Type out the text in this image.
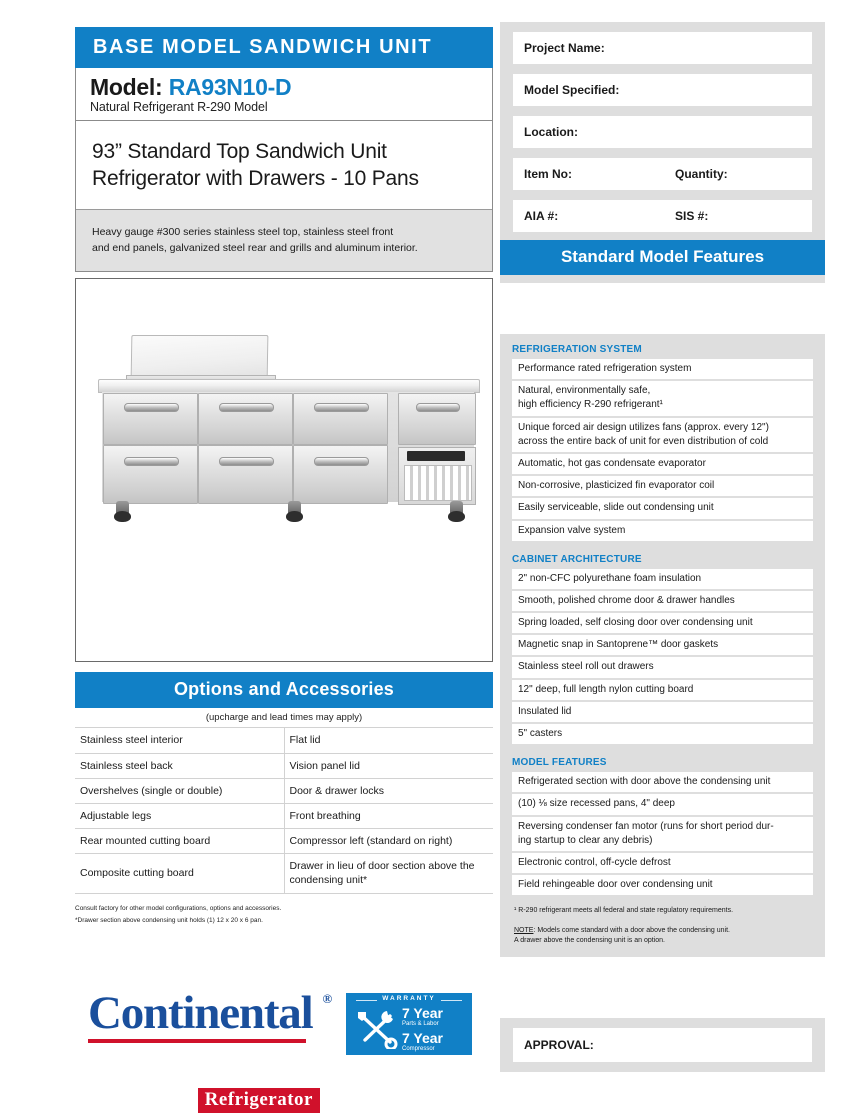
BASE MODEL SANDWICH UNIT
Model: RA93N10-D
Natural Refrigerant R-290 Model
93” Standard Top Sandwich Unit
Refrigerator with Drawers - 10 Pans
Heavy gauge #300 series stainless steel top, stainless steel front
and end panels, galvanized steel rear and grills and aluminum interior.
Options and Accessories
(upcharge and lead times may apply)
Stainless steel interior	Flat lid
Stainless steel back	Vision panel lid
Overshelves (single or double)	Door & drawer locks
Adjustable legs	Front breathing
Rear mounted cutting board	Compressor left (standard on right)
Composite cutting board	Drawer in lieu of door section above the condensing unit*
Consult factory for other model configurations, options and accessories.
*Drawer section above condensing unit holds (1) 12 x 20 x 6 pan.
Continental ®
Refrigerator
WARRANTY
7 Year
Parts & Labor
7 Year
Compressor
Project Name:
Model Specified:
Location:
Item No:	Quantity:
AIA #:	SIS #:
Standard Model Features
REFRIGERATION SYSTEM
Performance rated refrigeration system
Natural, environmentally safe,
high efficiency R-290 refrigerant¹
Unique forced air design utilizes fans (approx. every 12")
across the entire back of unit for even distribution of cold
Automatic, hot gas condensate evaporator
Non-corrosive, plasticized fin evaporator coil
Easily serviceable, slide out condensing unit
Expansion valve system
CABINET ARCHITECTURE
2" non-CFC polyurethane foam insulation
Smooth, polished chrome door & drawer handles
Spring loaded, self closing door over condensing unit
Magnetic snap in Santoprene™ door gaskets
Stainless steel roll out drawers
12" deep, full length nylon cutting board
Insulated lid
5" casters
MODEL FEATURES
Refrigerated section with door above the condensing unit
(10) ⅛ size recessed pans, 4" deep
Reversing condenser fan motor (runs for short period dur-
ing startup to clear any debris)
Electronic control, off-cycle defrost
Field rehingeable door over condensing unit
¹ R-290 refrigerant meets all federal and state regulatory requirements.
NOTE: Models come standard with a door above the condensing unit.
A drawer above the condensing unit is an option.
APPROVAL:
